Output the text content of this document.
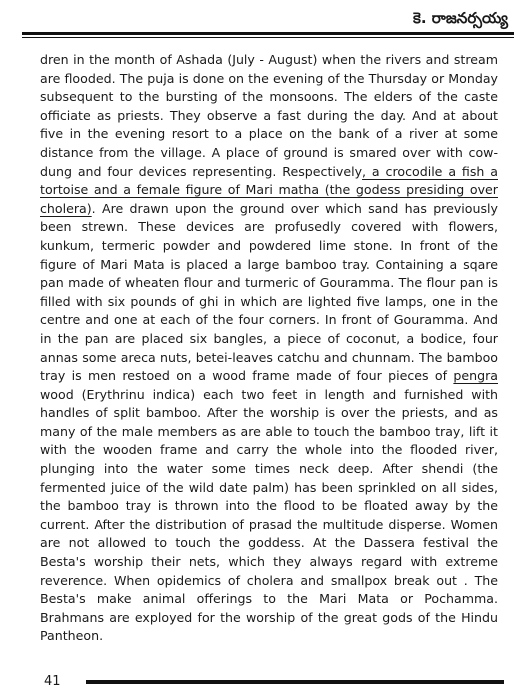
కె. రాజనర్సయ్య

dren in the month of Ashada (July - August) when the rivers and stream are flooded. The puja is done on the evening of the Thursday or Monday subsequent to the bursting of the monsoons. The elders of the caste officiate as priests. They observe a fast during the day. And at about five in the evening resort to a place on the bank of a river at some distance from the village. A place of ground is smared over with cow-dung and four devices representing. Respectively, a crocodile a fish a tortoise and a female figure of Mari matha (the godess presiding over cholera). Are drawn upon the ground over which sand has previously been strewn. These devices are profusedly covered with flowers, kunkum, termeric powder and powdered lime stone. In front of the figure of Mari Mata is placed a large bamboo tray. Containing a sqare pan made of wheaten flour and turmeric of Gouramma. The flour pan is filled with six pounds of ghi in which are lighted five lamps, one in the centre and one at each of the four corners. In front of Gouramma. And in the pan are placed six bangles, a piece of coconut, a bodice, four annas some areca nuts, betei-leaves catchu and chunnam. The bamboo tray is men restoed on a wood frame made of four pieces of pengra wood (Erythrinu indica) each two feet in length and furnished with handles of split bamboo. After the worship is over the priests, and as many of the male members as are able to touch the bamboo tray, lift it with the wooden frame and carry the whole into the flooded river, plunging into the water some times neck deep. After shendi (the fermented juice of the wild date palm) has been sprinkled on all sides, the bamboo tray is thrown into the flood to be floated away by the current. After the distribution of prasad the multitude disperse. Women are not allowed to touch the goddess. At the Dassera festival the Besta's worship their nets, which they always regard with extreme reverence. When opidemics of cholera and smallpox break out . The Besta's make animal offerings to the Mari Mata or Pochamma. Brahmans are exployed for the worship of the great gods of the Hindu Pantheon.

41
